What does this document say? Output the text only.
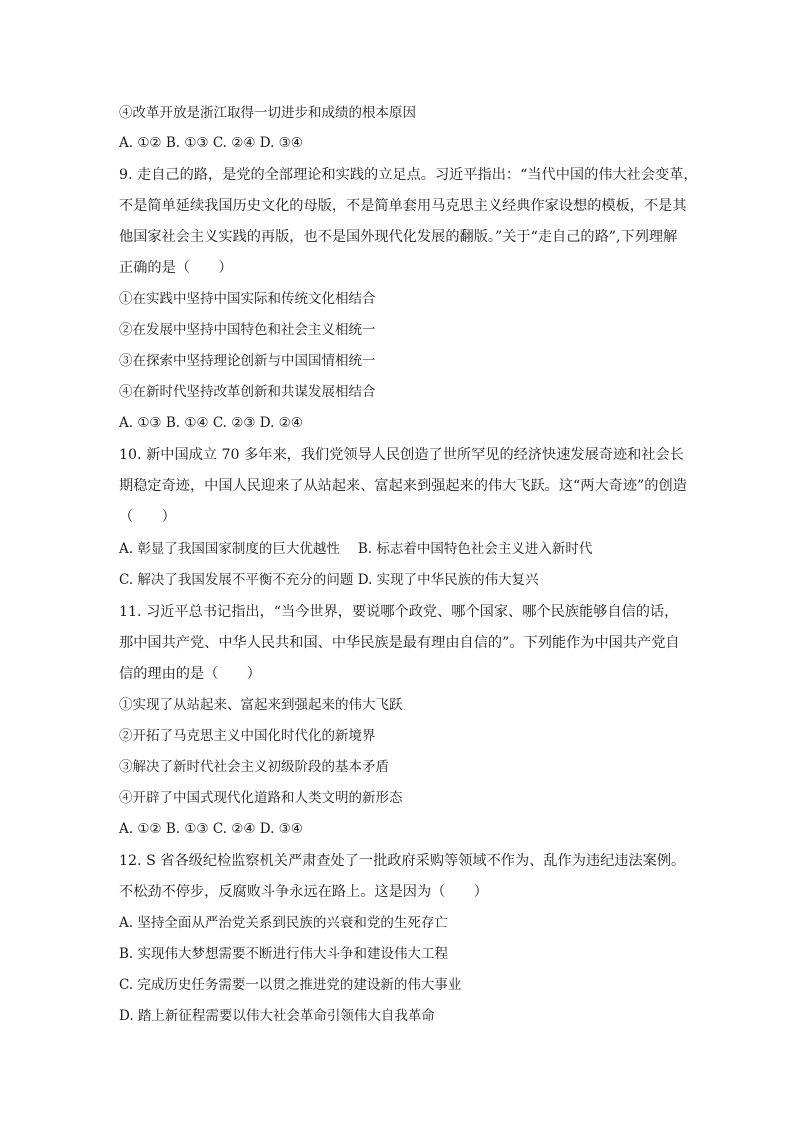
④改革开放是浙江取得一切进步和成绩的根本原因
A. ①② B. ①③ C. ②④ D. ③④
9. 走自己的路，是党的全部理论和实践的立足点。习近平指出：“当代中国的伟大社会变革，
不是简单延续我国历史文化的母版，不是简单套用马克思主义经典作家设想的模板，不是其
他国家社会主义实践的再版，也不是国外现代化发展的翻版。”关于“走自己的路”,下列理解
正确的是（　　）
①在实践中坚持中国实际和传统文化相结合
②在发展中坚持中国特色和社会主义相统一
③在探索中坚持理论创新与中国国情相统一
④在新时代坚持改革创新和共谋发展相结合
A. ①③ B. ①④ C. ②③ D. ②④
10. 新中国成立 70 多年来，我们党领导人民创造了世所罕见的经济快速发展奇迹和社会长
期稳定奇迹，中国人民迎来了从站起来、富起来到强起来的伟大飞跃。这“两大奇迹”的创造
（　　）
A. 彰显了我国国家制度的巨大优越性 B. 标志着中国特色社会主义进入新时代
C. 解决了我国发展不平衡不充分的问题 D. 实现了中华民族的伟大复兴
11. 习近平总书记指出，“当今世界，要说哪个政党、哪个国家、哪个民族能够自信的话，
那中国共产党、中华人民共和国、中华民族是最有理由自信的”。下列能作为中国共产党自
信的理由的是（　　）
①实现了从站起来、富起来到强起来的伟大飞跃
②开拓了马克思主义中国化时代化的新境界
③解决了新时代社会主义初级阶段的基本矛盾
④开辟了中国式现代化道路和人类文明的新形态
A. ①② B. ①③ C. ②④ D. ③④
12. S 省各级纪检监察机关严肃查处了一批政府采购等领域不作为、乱作为违纪违法案例。
不松劲不停步，反腐败斗争永远在路上。这是因为（　　）
A. 坚持全面从严治党关系到民族的兴衰和党的生死存亡
B. 实现伟大梦想需要不断进行伟大斗争和建设伟大工程
C. 完成历史任务需要一以贯之推进党的建设新的伟大事业
D. 踏上新征程需要以伟大社会革命引领伟大自我革命
